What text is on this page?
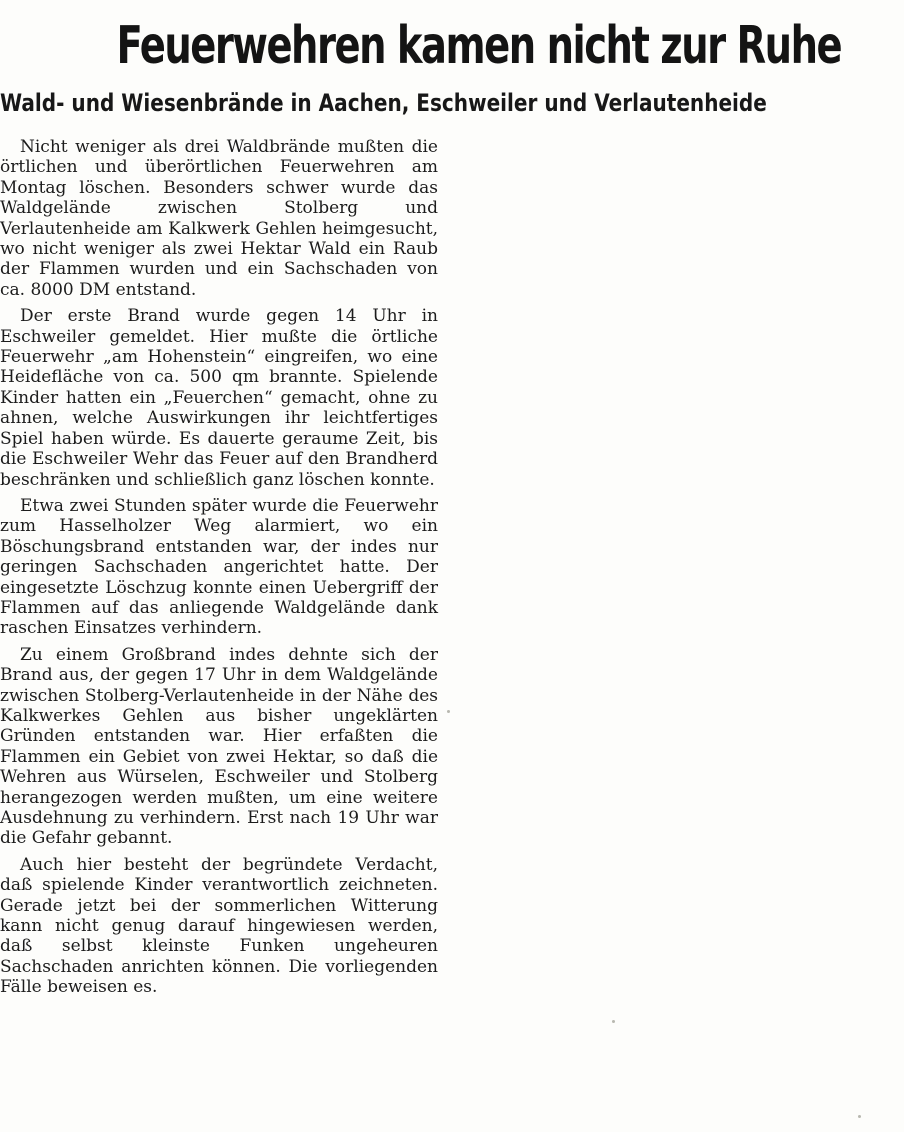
Feuerwehren kamen nicht zur Ruhe
Wald- und Wiesenbrände in Aachen, Eschweiler und Verlautenheide

Nicht weniger als drei Waldbrände mußten die örtlichen und überörtlichen Feuerwehren am Montag löschen. Besonders schwer wurde das Waldgelände zwischen Stolberg und Verlautenheide am Kalkwerk Gehlen heimgesucht, wo nicht weniger als zwei Hektar Wald ein Raub der Flammen wurden und ein Sachschaden von ca. 8000 DM entstand.

Der erste Brand wurde gegen 14 Uhr in Eschweiler gemeldet. Hier mußte die örtliche Feuerwehr „am Hohenstein“ eingreifen, wo eine Heidefläche von ca. 500 qm brannte. Spielende Kinder hatten ein „Feuerchen“ gemacht, ohne zu ahnen, welche Auswirkungen ihr leichtfertiges Spiel haben würde. Es dauerte geraume Zeit, bis die Eschweiler Wehr das Feuer auf den Brandherd beschränken und schließlich ganz löschen konnte.

Etwa zwei Stunden später wurde die Feuerwehr zum Hasselholzer Weg alarmiert, wo ein Böschungsbrand entstanden war, der indes nur geringen Sachschaden angerichtet hatte. Der eingesetzte Löschzug konnte einen Uebergriff der Flammen auf das anliegende Waldgelände dank raschen Einsatzes verhindern.

Zu einem Großbrand indes dehnte sich der Brand aus, der gegen 17 Uhr in dem Waldgelände zwischen Stolberg-Verlautenheide in der Nähe des Kalkwerkes Gehlen aus bisher ungeklärten Gründen entstanden war. Hier erfaßten die Flammen ein Gebiet von zwei Hektar, so daß die Wehren aus Würselen, Eschweiler und Stolberg herangezogen werden mußten, um eine weitere Ausdehnung zu verhindern. Erst nach 19 Uhr war die Gefahr gebannt.

Auch hier besteht der begründete Verdacht, daß spielende Kinder verantwortlich zeichneten. Gerade jetzt bei der sommerlichen Witterung kann nicht genug darauf hingewiesen werden, daß selbst kleinste Funken ungeheuren Sachschaden anrichten können. Die vorliegenden Fälle beweisen es.
